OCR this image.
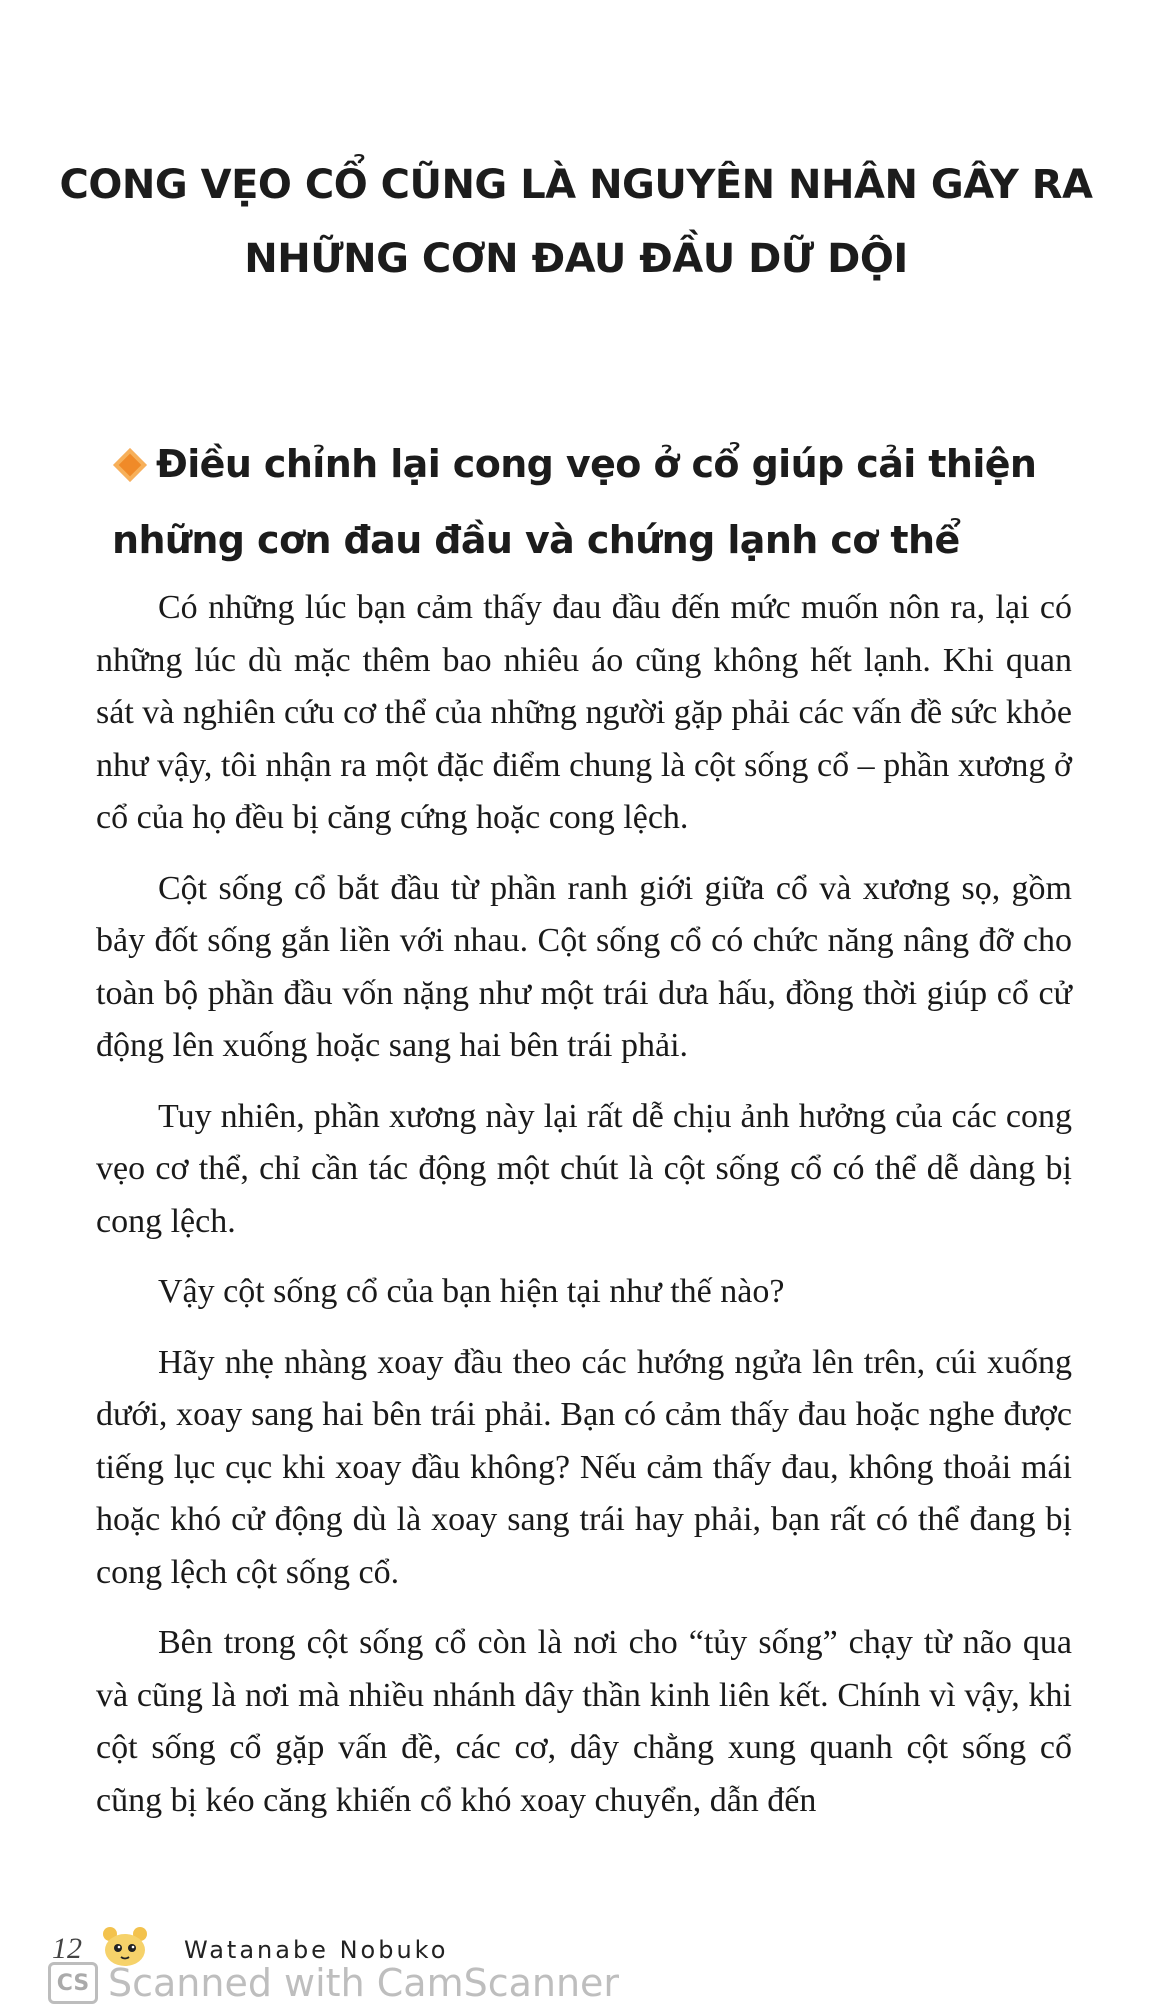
CONG VẸO CỔ CŨNG LÀ NGUYÊN NHÂN GÂY RA
NHỮNG CƠN ĐAU ĐẦU DỮ DỘI
Điều chỉnh lại cong vẹo ở cổ giúp cải thiện những cơn đau đầu và chứng lạnh cơ thể

Có những lúc bạn cảm thấy đau đầu đến mức muốn nôn ra, lại có những lúc dù mặc thêm bao nhiêu áo cũng không hết lạnh. Khi quan sát và nghiên cứu cơ thể của những người gặp phải các vấn đề sức khỏe như vậy, tôi nhận ra một đặc điểm chung là cột sống cổ – phần xương ở cổ của họ đều bị căng cứng hoặc cong lệch.

Cột sống cổ bắt đầu từ phần ranh giới giữa cổ và xương sọ, gồm bảy đốt sống gắn liền với nhau. Cột sống cổ có chức năng nâng đỡ cho toàn bộ phần đầu vốn nặng như một trái dưa hấu, đồng thời giúp cổ cử động lên xuống hoặc sang hai bên trái phải.

Tuy nhiên, phần xương này lại rất dễ chịu ảnh hưởng của các cong vẹo cơ thể, chỉ cần tác động một chút là cột sống cổ có thể dễ dàng bị cong lệch.

Vậy cột sống cổ của bạn hiện tại như thế nào?

Hãy nhẹ nhàng xoay đầu theo các hướng ngửa lên trên, cúi xuống dưới, xoay sang hai bên trái phải. Bạn có cảm thấy đau hoặc nghe được tiếng lục cục khi xoay đầu không? Nếu cảm thấy đau, không thoải mái hoặc khó cử động dù là xoay sang trái hay phải, bạn rất có thể đang bị cong lệch cột sống cổ.

Bên trong cột sống cổ còn là nơi cho “tủy sống” chạy từ não qua và cũng là nơi mà nhiều nhánh dây thần kinh liên kết. Chính vì vậy, khi cột sống cổ gặp vấn đề, các cơ, dây chằng xung quanh cột sống cổ cũng bị kéo căng khiến cổ khó xoay chuyển, dẫn đến

12	Watanabe Nobuko
CS Scanned with CamScanner
